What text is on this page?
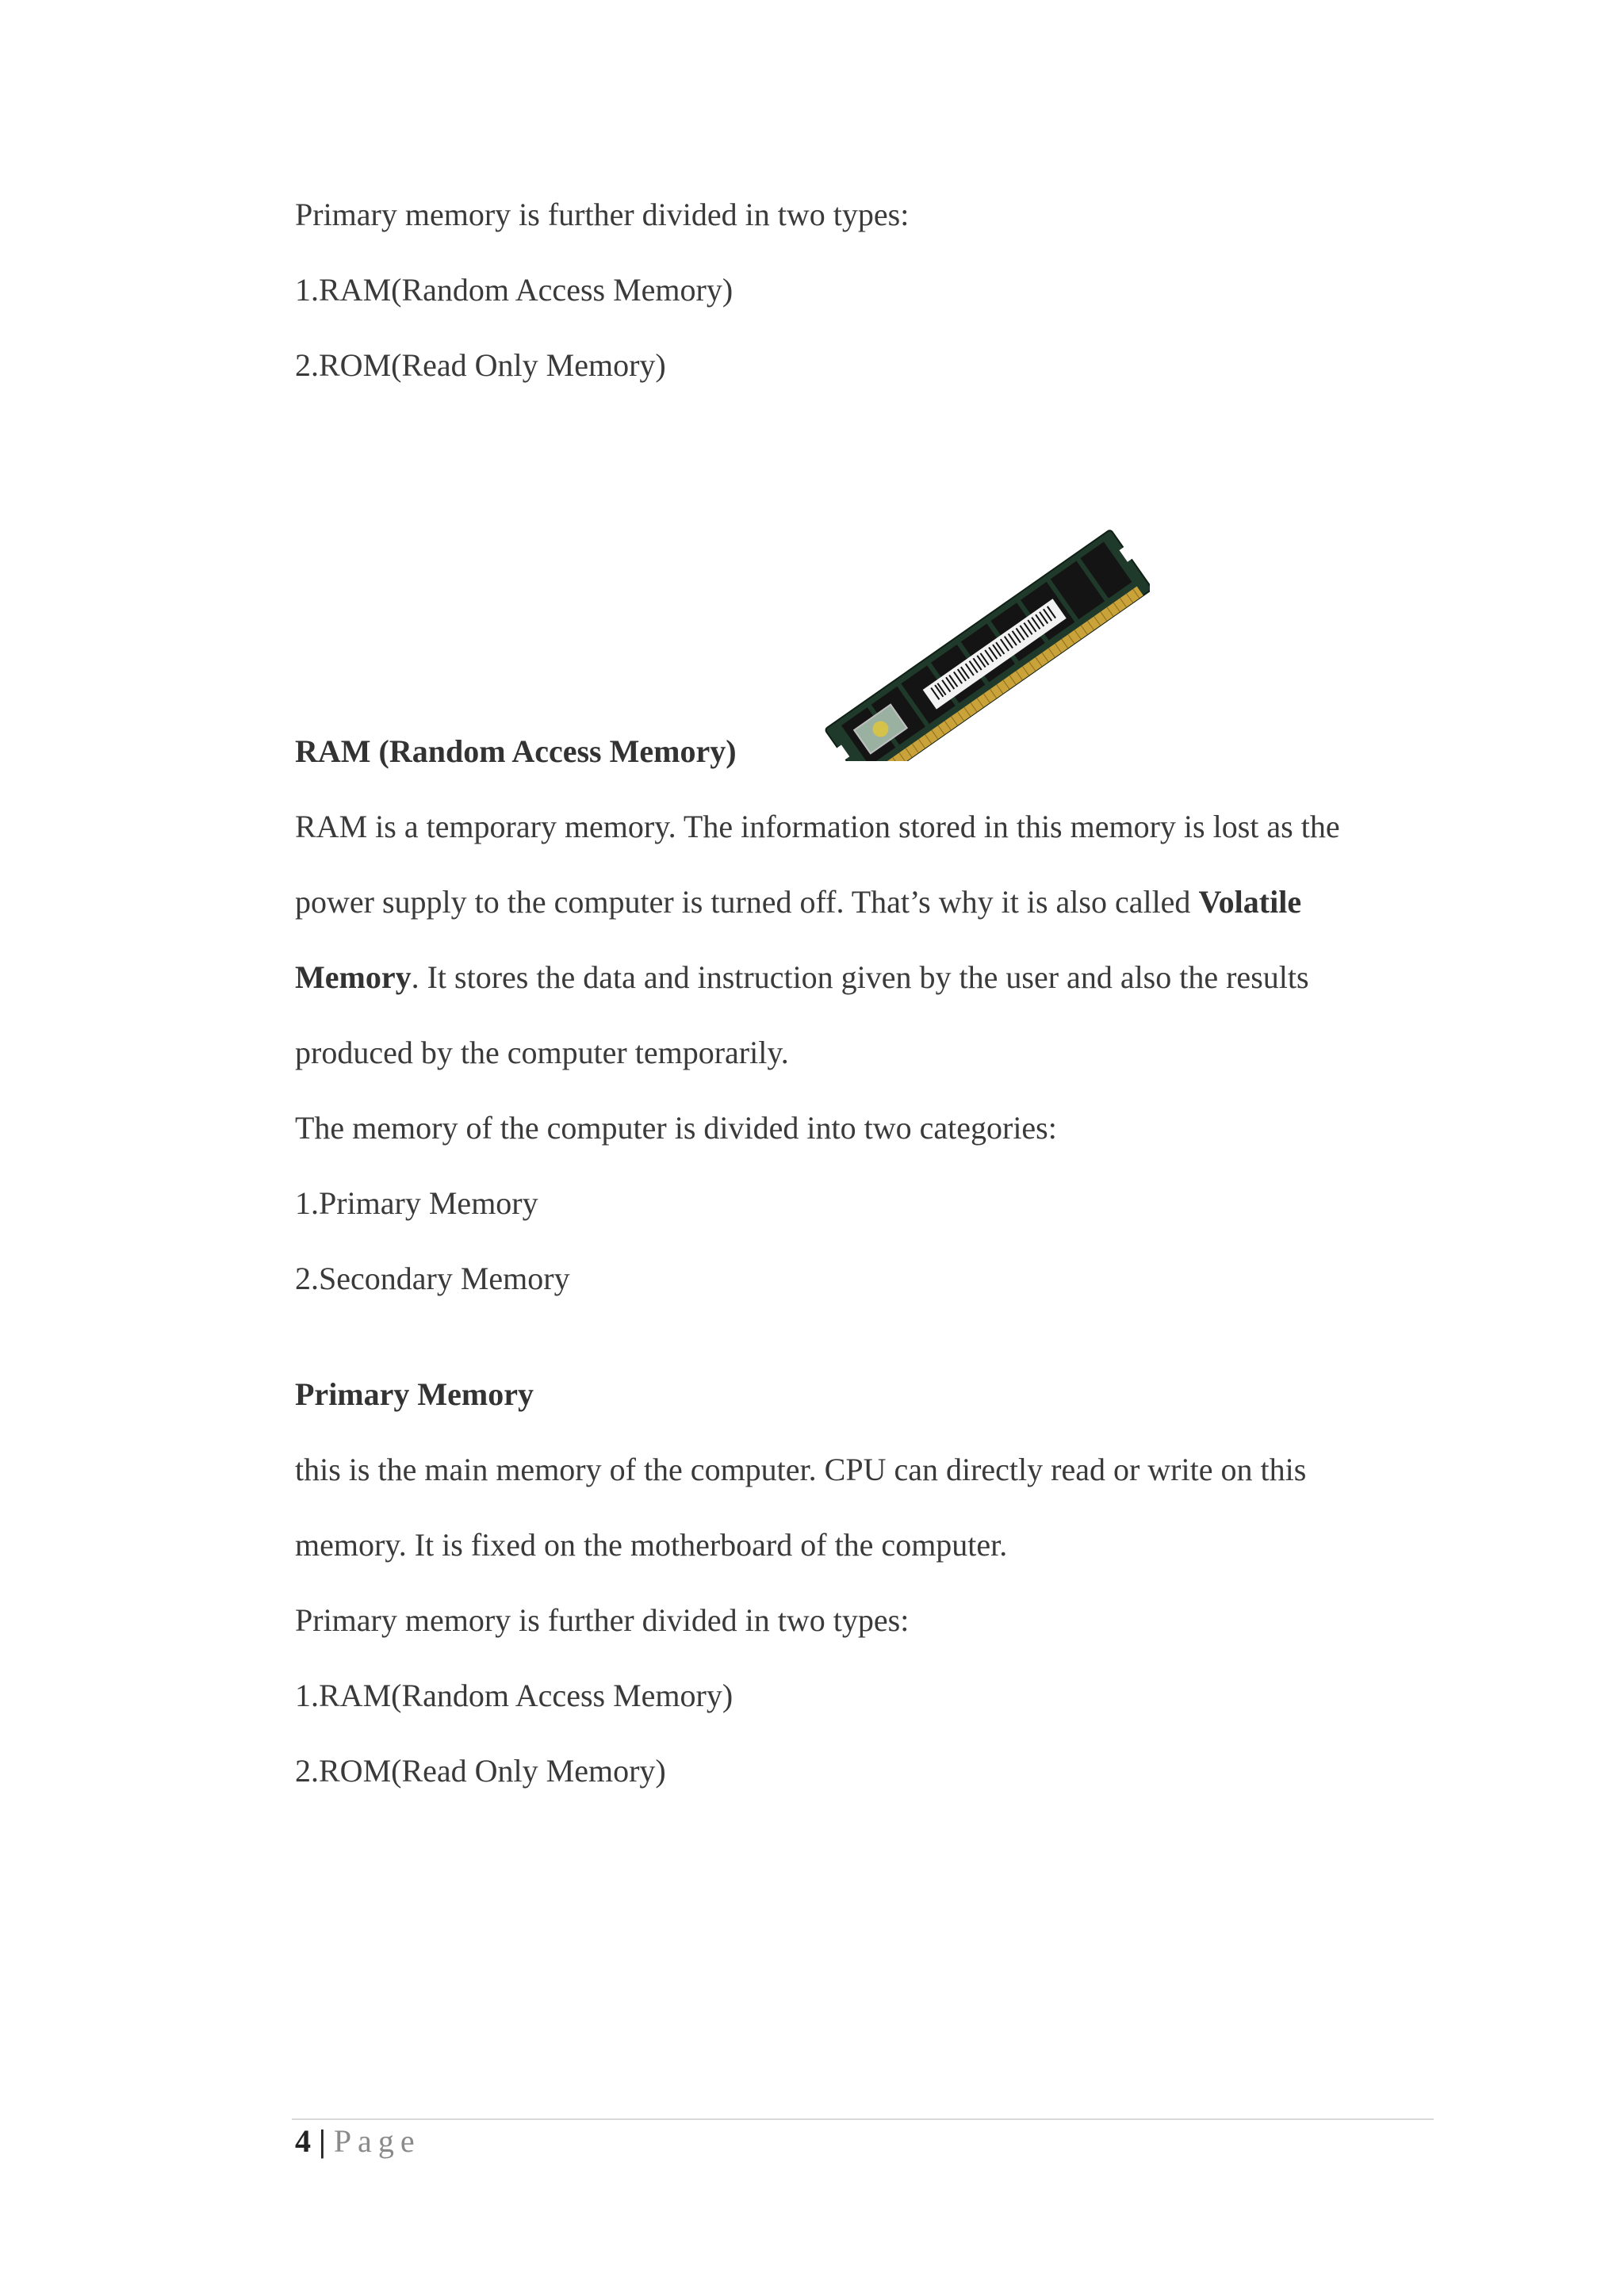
Primary memory is further divided in two types:
1.RAM(Random Access Memory)
2.ROM(Read Only Memory)
RAM (Random Access Memory)
RAM is a temporary memory. The information stored in this memory is lost as the
power supply to the computer is turned off. That’s why it is also called Volatile
Memory. It stores the data and instruction given by the user and also the results
produced by the computer temporarily.
The memory of the computer is divided into two categories:
1.Primary Memory
2.Secondary Memory
Primary Memory
this is the main memory of the computer. CPU can directly read or write on this
memory. It is fixed on the motherboard of the computer.
Primary memory is further divided in two types:
1.RAM(Random Access Memory)
2.ROM(Read Only Memory)
4 | Page
